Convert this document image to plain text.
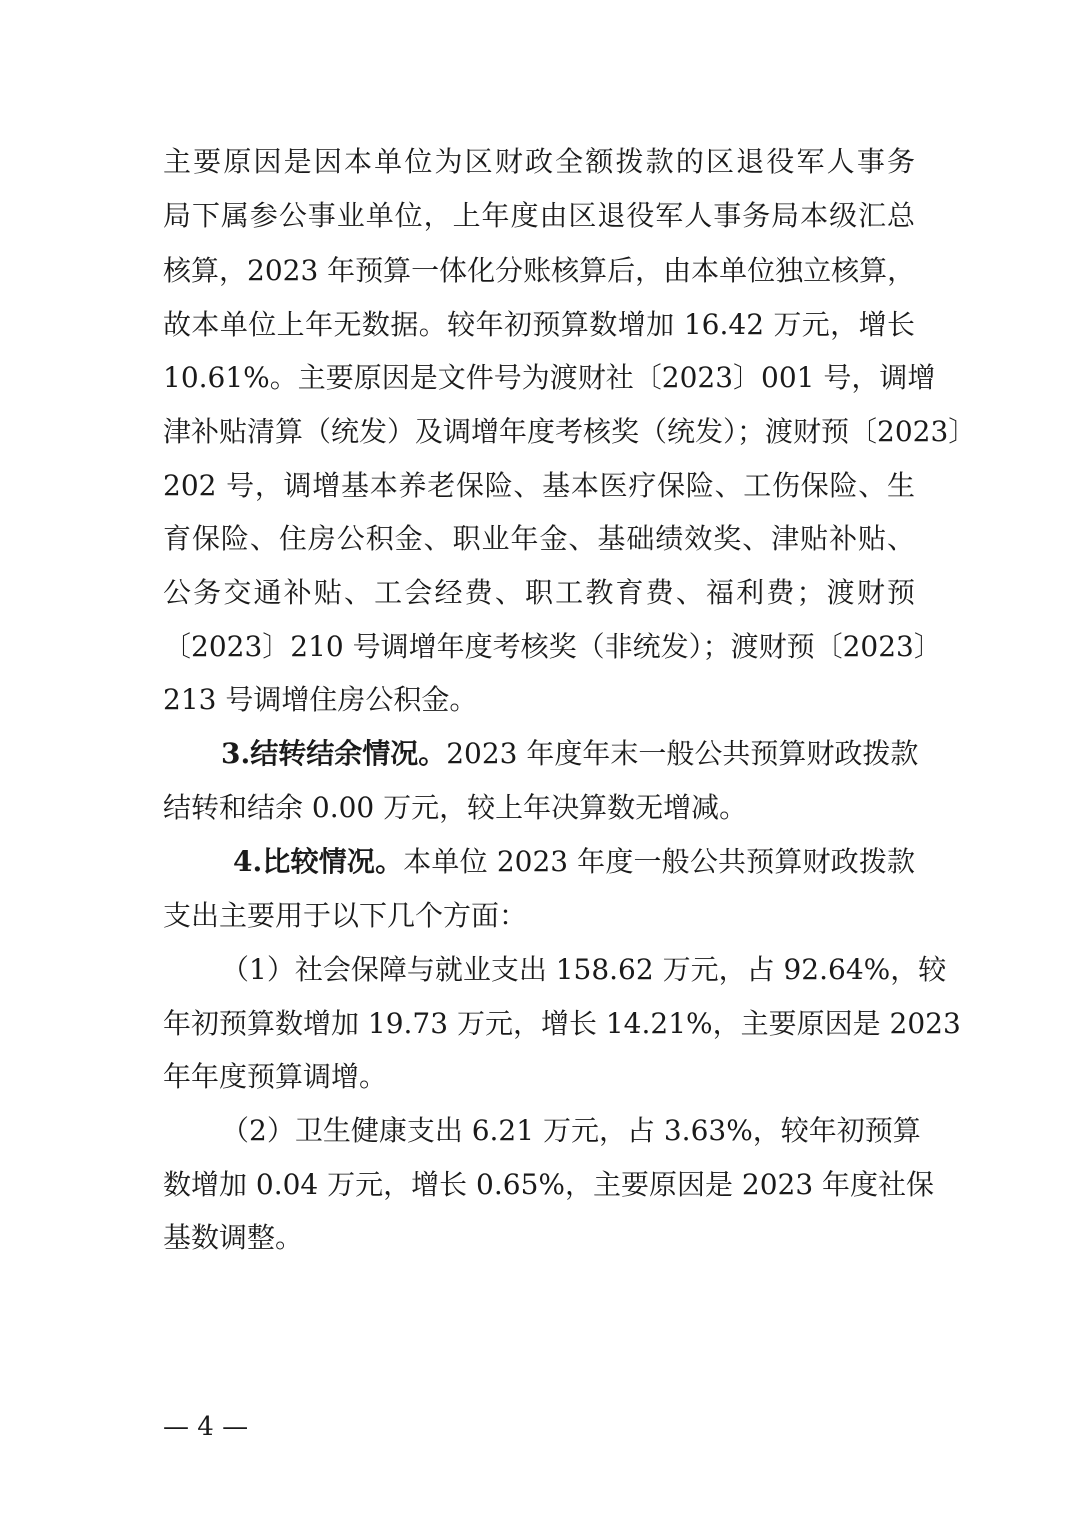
主要原因是因本单位为区财政全额拨款的区退役军人事务
局下属参公事业单位，上年度由区退役军人事务局本级汇总
核算，2023 年预算一体化分账核算后，由本单位独立核算，
故本单位上年无数据。较年初预算数增加 16.42 万元，增长
10.61%。主要原因是文件号为渡财社〔2023〕001 号，调增
津补贴清算（统发）及调增年度考核奖（统发）；渡财预〔2023〕
202 号，调增基本养老保险、基本医疗保险、工伤保险、生
育保险、住房公积金、职业年金、基础绩效奖、津贴补贴、
公务交通补贴、工会经费、职工教育费、福利费；渡财预
〔2023〕210 号调增年度考核奖（非统发）；渡财预〔2023〕
213 号调增住房公积金。
3.结转结余情况。2023 年度年末一般公共预算财政拨款
结转和结余 0.00 万元，较上年决算数无增减。
4.比较情况。本单位 2023 年度一般公共预算财政拨款
支出主要用于以下几个方面：
（1）社会保障与就业支出 158.62 万元，占 92.64%，较
年初预算数增加 19.73 万元，增长 14.21%，主要原因是 2023
年年度预算调增。
（2）卫生健康支出 6.21 万元，占 3.63%，较年初预算
数增加 0.04 万元，增长 0.65%，主要原因是 2023 年度社保
基数调整。
— 4 —
